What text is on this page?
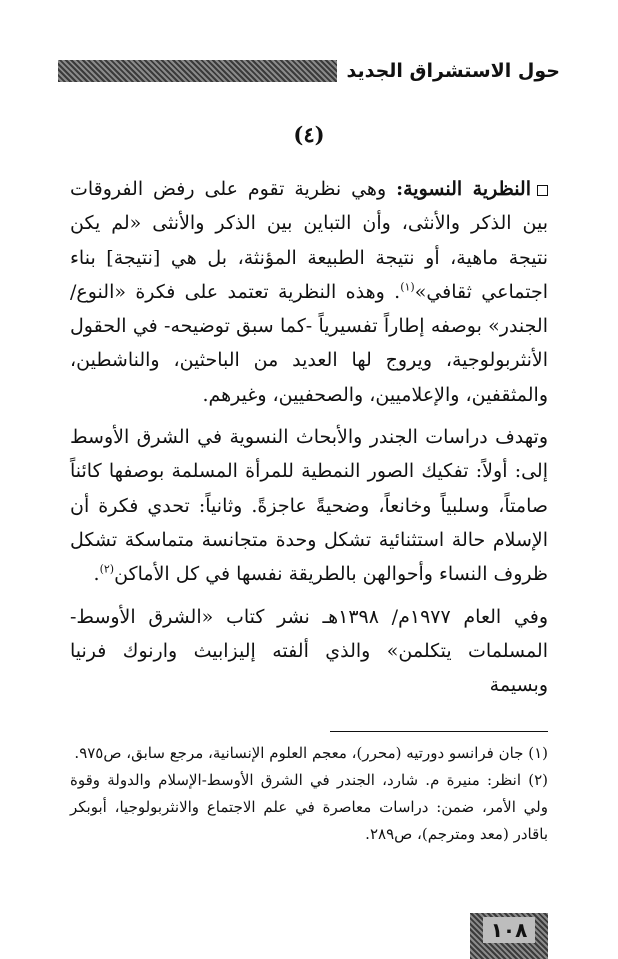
حول الاستشراق الجديد
(٤)

النظرية النسوية: وهي نظرية تقوم على رفض الفروقات بين الذكر والأنثى، وأن التباين بين الذكر والأنثى «لم يكن نتيجة ماهية، أو نتيجة الطبيعة المؤنثة، بل هي [نتيجة] بناء اجتماعي ثقافي»$^{(١)}$. وهذه النظرية تعتمد على فكرة «النوع/ الجندر» بوصفه إطاراً تفسيرياً -كما سبق توضيحه- في الحقول الأنثربولوجية، ويروج لها العديد من الباحثين، والناشطين، والمثقفين، والإعلاميين، والصحفيين، وغيرهم.

وتهدف دراسات الجندر والأبحاث النسوية في الشرق الأوسط إلى: أولاً: تفكيك الصور النمطية للمرأة المسلمة بوصفها كائناً صامتاً، وسلبياً وخانعاً، وضحيةً عاجزةً. وثانياً: تحدي فكرة أن الإسلام حالة استثنائية تشكل وحدة متجانسة متماسكة تشكل ظروف النساء وأحوالهن بالطريقة نفسها في كل الأماكن$^{(٢)}$.

وفي العام ١٩٧٧م/ ١٣٩٨هـ نشر كتاب «الشرق الأوسط- المسلمات يتكلمن» والذي ألفته إليزابيث وارنوك فرنيا وبسيمة

(١) جان فرانسو دورتيه (محرر)، معجم العلوم الإنسانية، مرجع سابق، ص٩٧٥.

(٢) انظر: منيرة م. شارد، الجندر في الشرق الأوسط-الإسلام والدولة وقوة ولي الأمر، ضمن: دراسات معاصرة في علم الاجتماع والانثربولوجيا، أبوبكر باقادر (معد ومترجم)، ص٢٨٩.

١٠٨
